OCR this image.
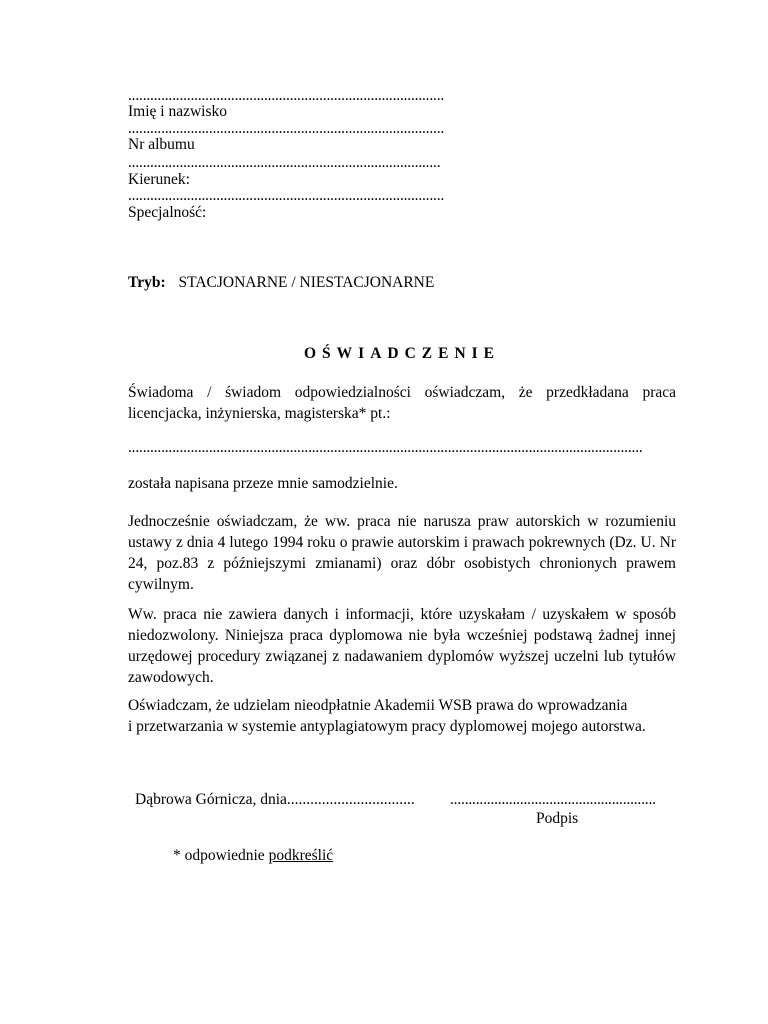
......................................................................................
Imię i nazwisko
......................................................................................
Nr albumu
.....................................................................................
Kierunek:
......................................................................................
Specjalność:
Tryb: STACJONARNE / NIESTACJONARNE
OŚWIADCZENIE
Świadoma / świadom odpowiedzialności oświadczam, że przedkładana praca
licencjacka, inżynierska, magisterska* pt.:
............................................................................................................................................
została napisana przeze mnie samodzielnie.
Jednocześnie oświadczam, że ww. praca nie narusza praw autorskich w rozumieniu
ustawy z dnia 4 lutego 1994 roku o prawie autorskim i prawach pokrewnych (Dz. U. Nr
24, poz.83 z późniejszymi zmianami) oraz dóbr osobistych chronionych prawem
cywilnym.
Ww. praca nie zawiera danych i informacji, które uzyskałam / uzyskałem w sposób
niedozwolony. Niniejsza praca dyplomowa nie była wcześniej podstawą żadnej innej
urzędowej procedury związanej z nadawaniem dyplomów wyższej uczelni lub tytułów
zawodowych.
Oświadczam, że udzielam nieodpłatnie Akademii WSB prawa do wprowadzania
i przetwarzania w systemie antyplagiatowym pracy dyplomowej mojego autorstwa.
Dąbrowa Górnicza, dnia................................. ........................................................
Podpis
* odpowiednie podkreślić
